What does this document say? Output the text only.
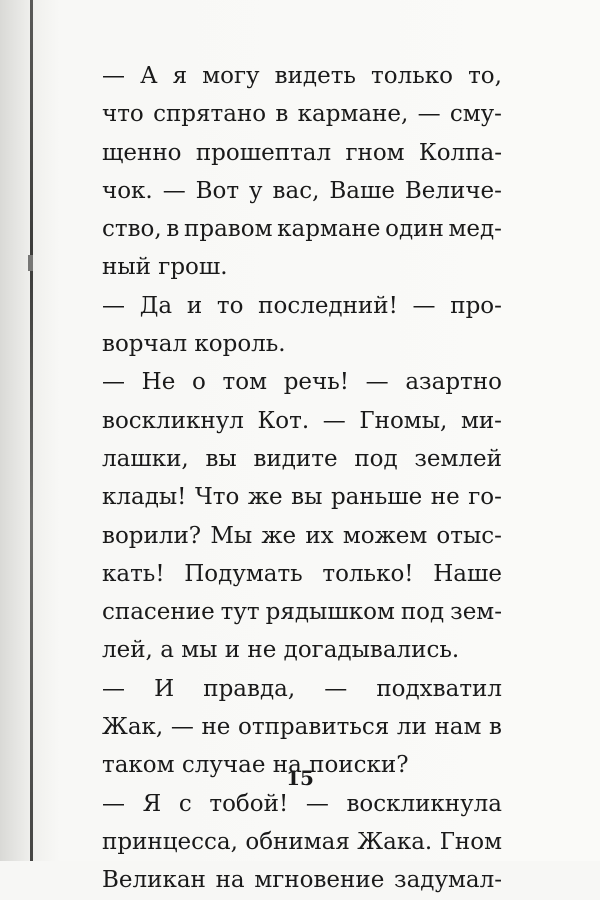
— А я могу видеть только то,
что спрятано в кармане, — сму-
щенно прошептал гном Колпа-
чок. — Вот у вас, Ваше Величе-
ство, в правом кармане один мед-
ный
грош.
— Да и то последний! — про-
ворчал
король.
— Не о том речь! — азартно
воскликнул Кот. — Гномы, ми-
лашки, вы видите под землей
клады! Что же вы раньше не го-
ворили? Мы же их можем отыс-
кать! Подумать только! Наше
спасение тут рядышком под зем-
лей,
а
мы
и
не
догадывались.
— И правда, — подхватил
Жак, — не отправиться ли нам в
таком
случае
на
поиски?
— Я с тобой! — воскликнула
принцесса, обнимая Жака. Гном
Великан на мгновение задумал-
15
